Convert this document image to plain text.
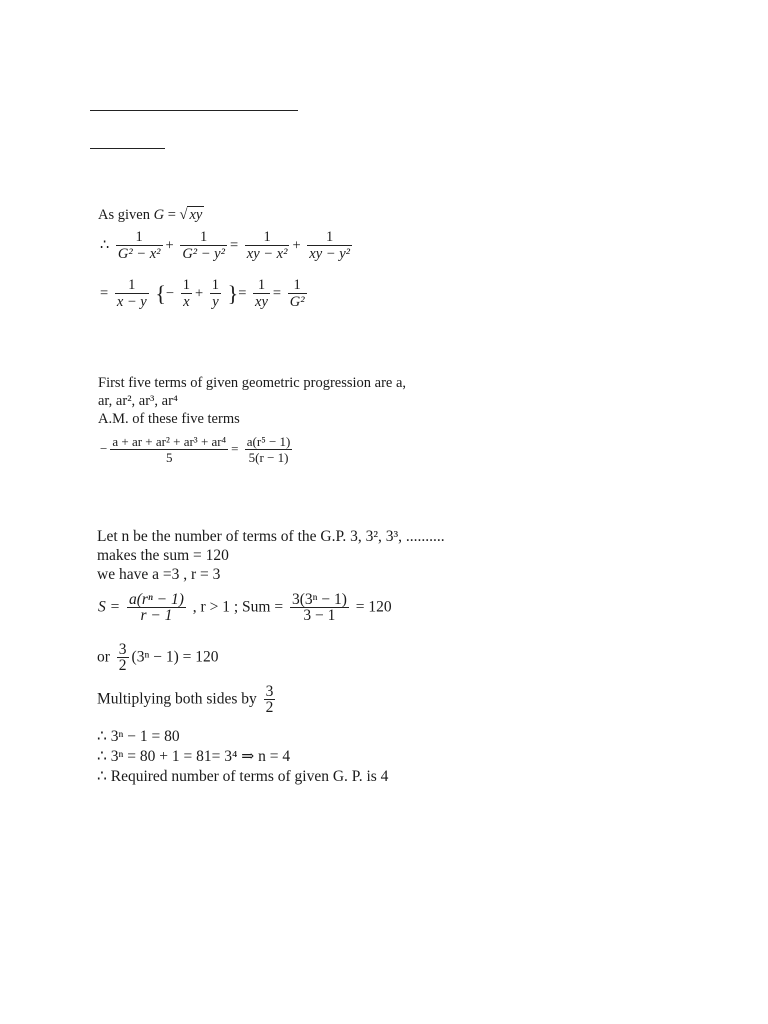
As given G = √ xy
∴ $\frac{1}{\text{G² − x²}} + \frac{1}{\text{G² − y²}} = \frac{1}{\text{xy − x²}} + \frac{1}{\text{xy − y²}}$
= $\frac{1}{x - y}$ {− $\frac{1}{x} + \frac{1}{y}$ }= $\frac{1}{xy} = \frac{1}{\text{G²}}$
First five terms of given geometric progression are a,
ar, ar², ar³, ar⁴
A.M. of these five terms
− $\frac{\text{a + ar + ar² + ar³ + ar⁴}}{5} = \frac{\text{a(r⁵ − 1)}}{5(r - 1)}$
Let n be the number of terms of the G.P. 3, 3², 3³, ..........
makes the sum = 120
we have a =3 , r = 3
$S = \frac{\text{a(rⁿ − 1)}}{r - 1}$ , r > 1 ; Sum = $\frac{\text{3(3ⁿ − 1)}}{3 - 1} = 120$
or $\frac{3}{2} (3^n - 1) = 120$
Multiplying both sides by $\frac{3}{2}$
∴ 3ⁿ − 1 = 80
∴ 3ⁿ = 80 + 1 = 81= 3⁴ ⇒ n = 4
∴ Required number of terms of given G. P. is 4
